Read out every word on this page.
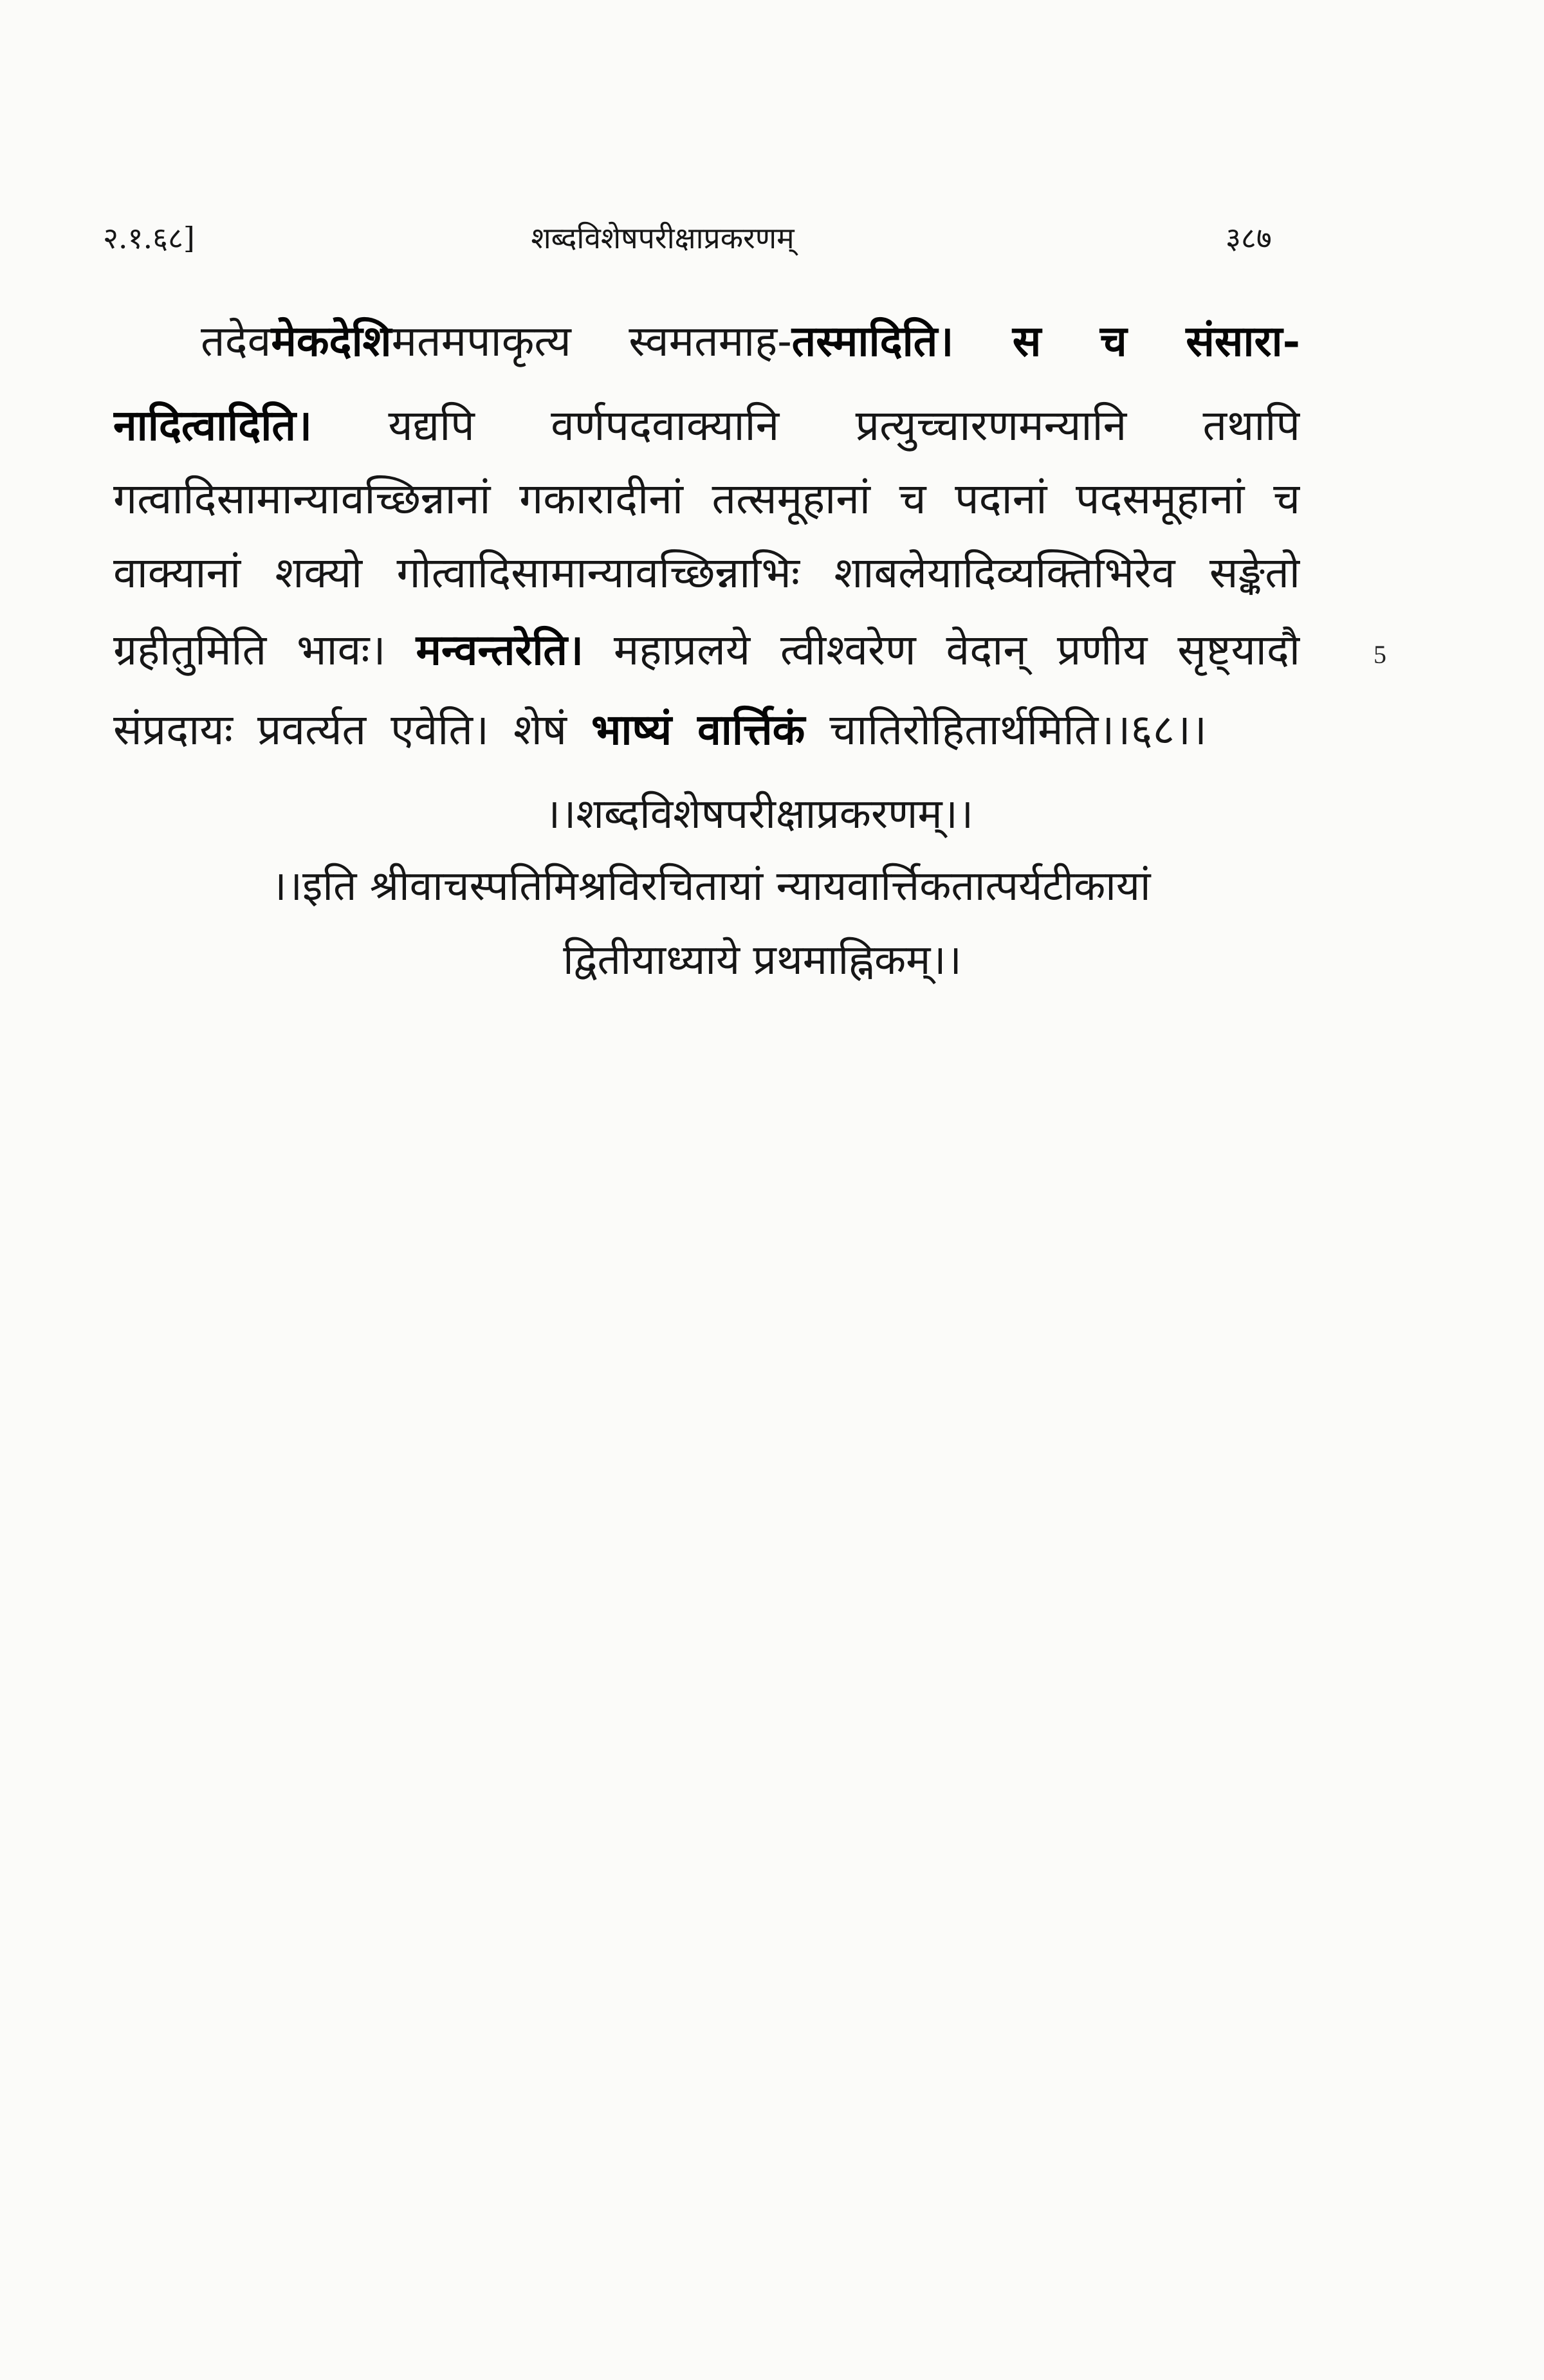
२.१.६८]	शब्दविशेषपरीक्षाप्रकरणम्	३८७
तदेवमेकदेशिमतमपाकृत्य स्वमतमाह-तस्मादिति। स च संसारा-
नादित्वादिति। यद्यपि वर्णपदवाक्यानि प्रत्युच्चारणमन्यानि तथापि
गत्वादिसामान्यावच्छिन्नानां गकारादीनां तत्समूहानां च पदानां पदसमूहानां च
वाक्यानां शक्यो गोत्वादिसामान्यावच्छिन्नाभिः शाबलेयादिव्यक्तिभिरेव सङ्केतो
ग्रहीतुमिति भावः। मन्वन्तरेति। महाप्रलये त्वीश्वरेण वेदान् प्रणीय सृष्ट्यादौ
संप्रदायः प्रवर्त्यत एवेति। शेषं भाष्यं वार्त्तिकं चातिरोहितार्थमिति।।६८।।
5
।।शब्दविशेषपरीक्षाप्रकरणम्।।
।।इति श्रीवाचस्पतिमिश्रविरचितायां न्यायवार्त्तिकतात्पर्यटीकायां
द्वितीयाध्याये प्रथमाह्निकम्।।
